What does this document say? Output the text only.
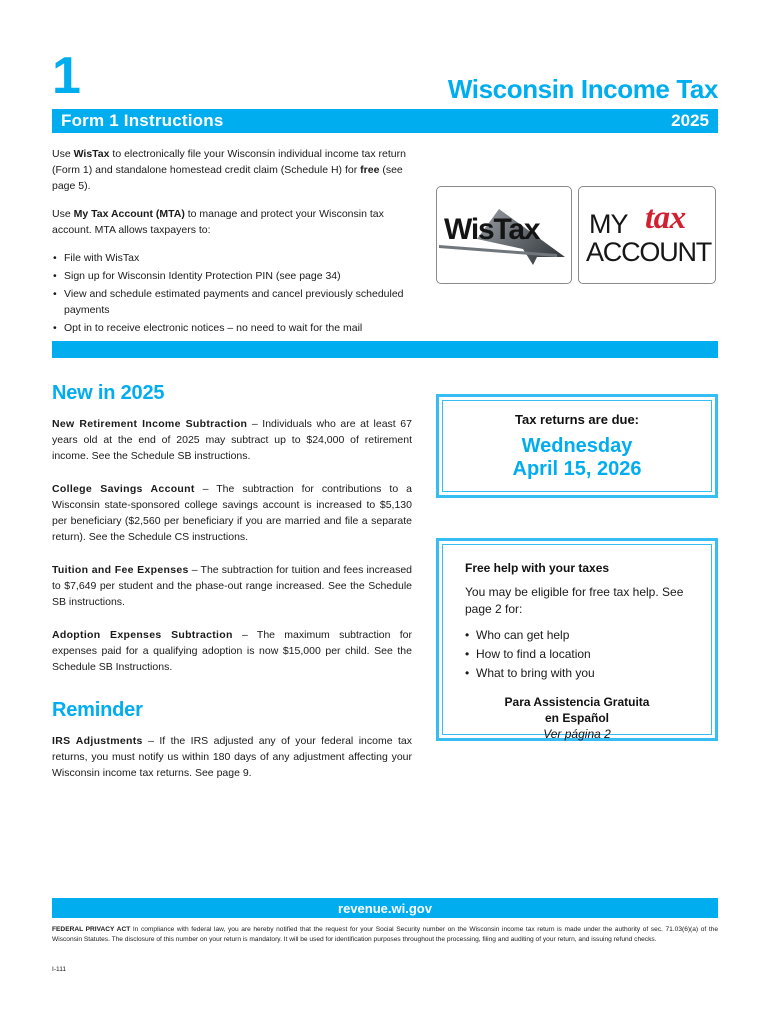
1	Wisconsin Income Tax
Form 1 Instructions	2025

Use WisTax to electronically file your Wisconsin individual income tax return (Form 1) and standalone homestead credit claim (Schedule H) for free (see page 5).

Use My Tax Account (MTA) to manage and protect your Wisconsin tax account. MTA allows taxpayers to:

• File with WisTax
• Sign up for Wisconsin Identity Protection PIN (see page 34)
• View and schedule estimated payments and cancel previously scheduled payments
• Opt in to receive electronic notices – no need to wait for the mail
•
WisTax MY tax
ACCOUNT
New in 2025

New Retirement Income Subtraction – Individuals who are at least 67 years old at the end of 2025 may subtract up to $24,000 of retirement income. See the Schedule SB instructions.

College Savings Account – The subtraction for contributions to a Wisconsin state-sponsored college savings account is increased to $5,130 per beneficiary ($2,560 per beneficiary if you are married and file a separate return). See the Schedule CS instructions.

Tuition and Fee Expenses – The subtraction for tuition and fees increased to $7,649 per student and the phase-out range increased. See the Schedule SB instructions.

Adoption Expenses Subtraction – The maximum subtraction for expenses paid for a qualifying adoption is now $15,000 per child. See the Schedule SB Instructions.

Reminder

IRS Adjustments – If the IRS adjusted any of your federal income tax returns, you must notify us within 180 days of any adjustment affecting your Wisconsin income tax returns. See page 9.

Tax returns are due:
Wednesday
April 15, 2026
Free help with your taxes
You may be eligible for free tax help. See page 2 for:
• Who can get help
• How to find a location
• What to bring with you
Para Assistencia Gratuita
en Español
Ver página 2
revenue.wi.gov
FEDERAL PRIVACY ACT In compliance with federal law, you are hereby notified that the request for your Social Security number on the Wisconsin income tax return is made under the authority of sec. 71.03(6)(a) of the Wisconsin Statutes. The disclosure of this number on your return is mandatory. It will be used for identification purposes throughout the processing, filing and auditing of your return, and issuing refund checks.
I-111
